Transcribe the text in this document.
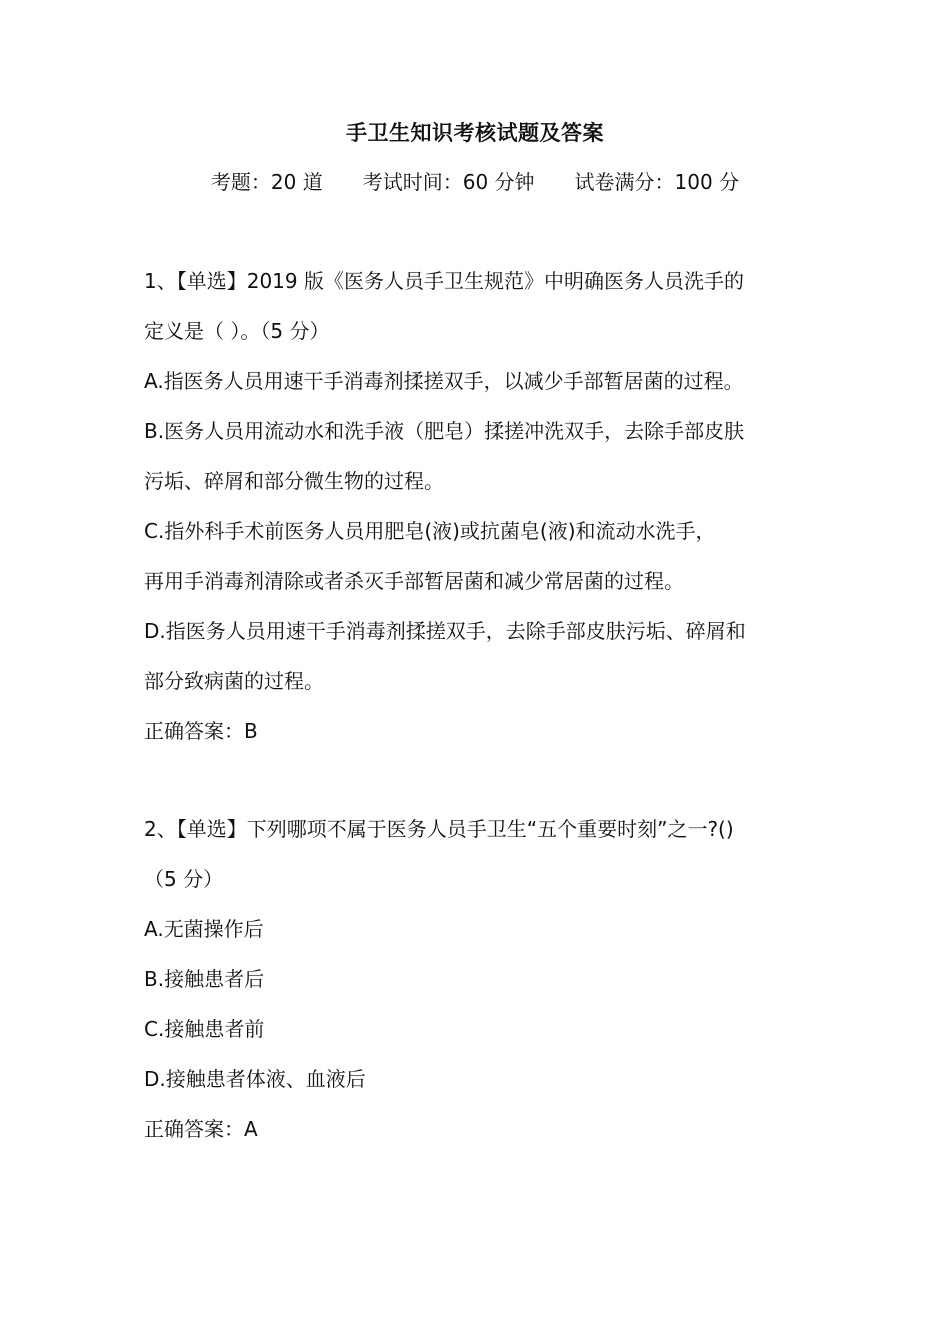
手卫生知识考核试题及答案
考题：20 道 考试时间：60 分钟 试卷满分：100 分
1、【单选】2019 版《医务人员手卫生规范》中明确医务人员洗手的
定义是（ ）。（5 分）
A.指医务人员用速干手消毒剂揉搓双手，以减少手部暂居菌的过程。
B.医务人员用流动水和洗手液（肥皂）揉搓冲洗双手，去除手部皮肤
污垢、碎屑和部分微生物的过程。
C.指外科手术前医务人员用肥皂(液)或抗菌皂(液)和流动水洗手，
再用手消毒剂清除或者杀灭手部暂居菌和减少常居菌的过程。
D.指医务人员用速干手消毒剂揉搓双手，去除手部皮肤污垢、碎屑和
部分致病菌的过程。
正确答案：B
2、【单选】下列哪项不属于医务人员手卫生“五个重要时刻”之一?()
（5 分）
A.无菌操作后
B.接触患者后
C.接触患者前
D.接触患者体液、血液后
正确答案：A
